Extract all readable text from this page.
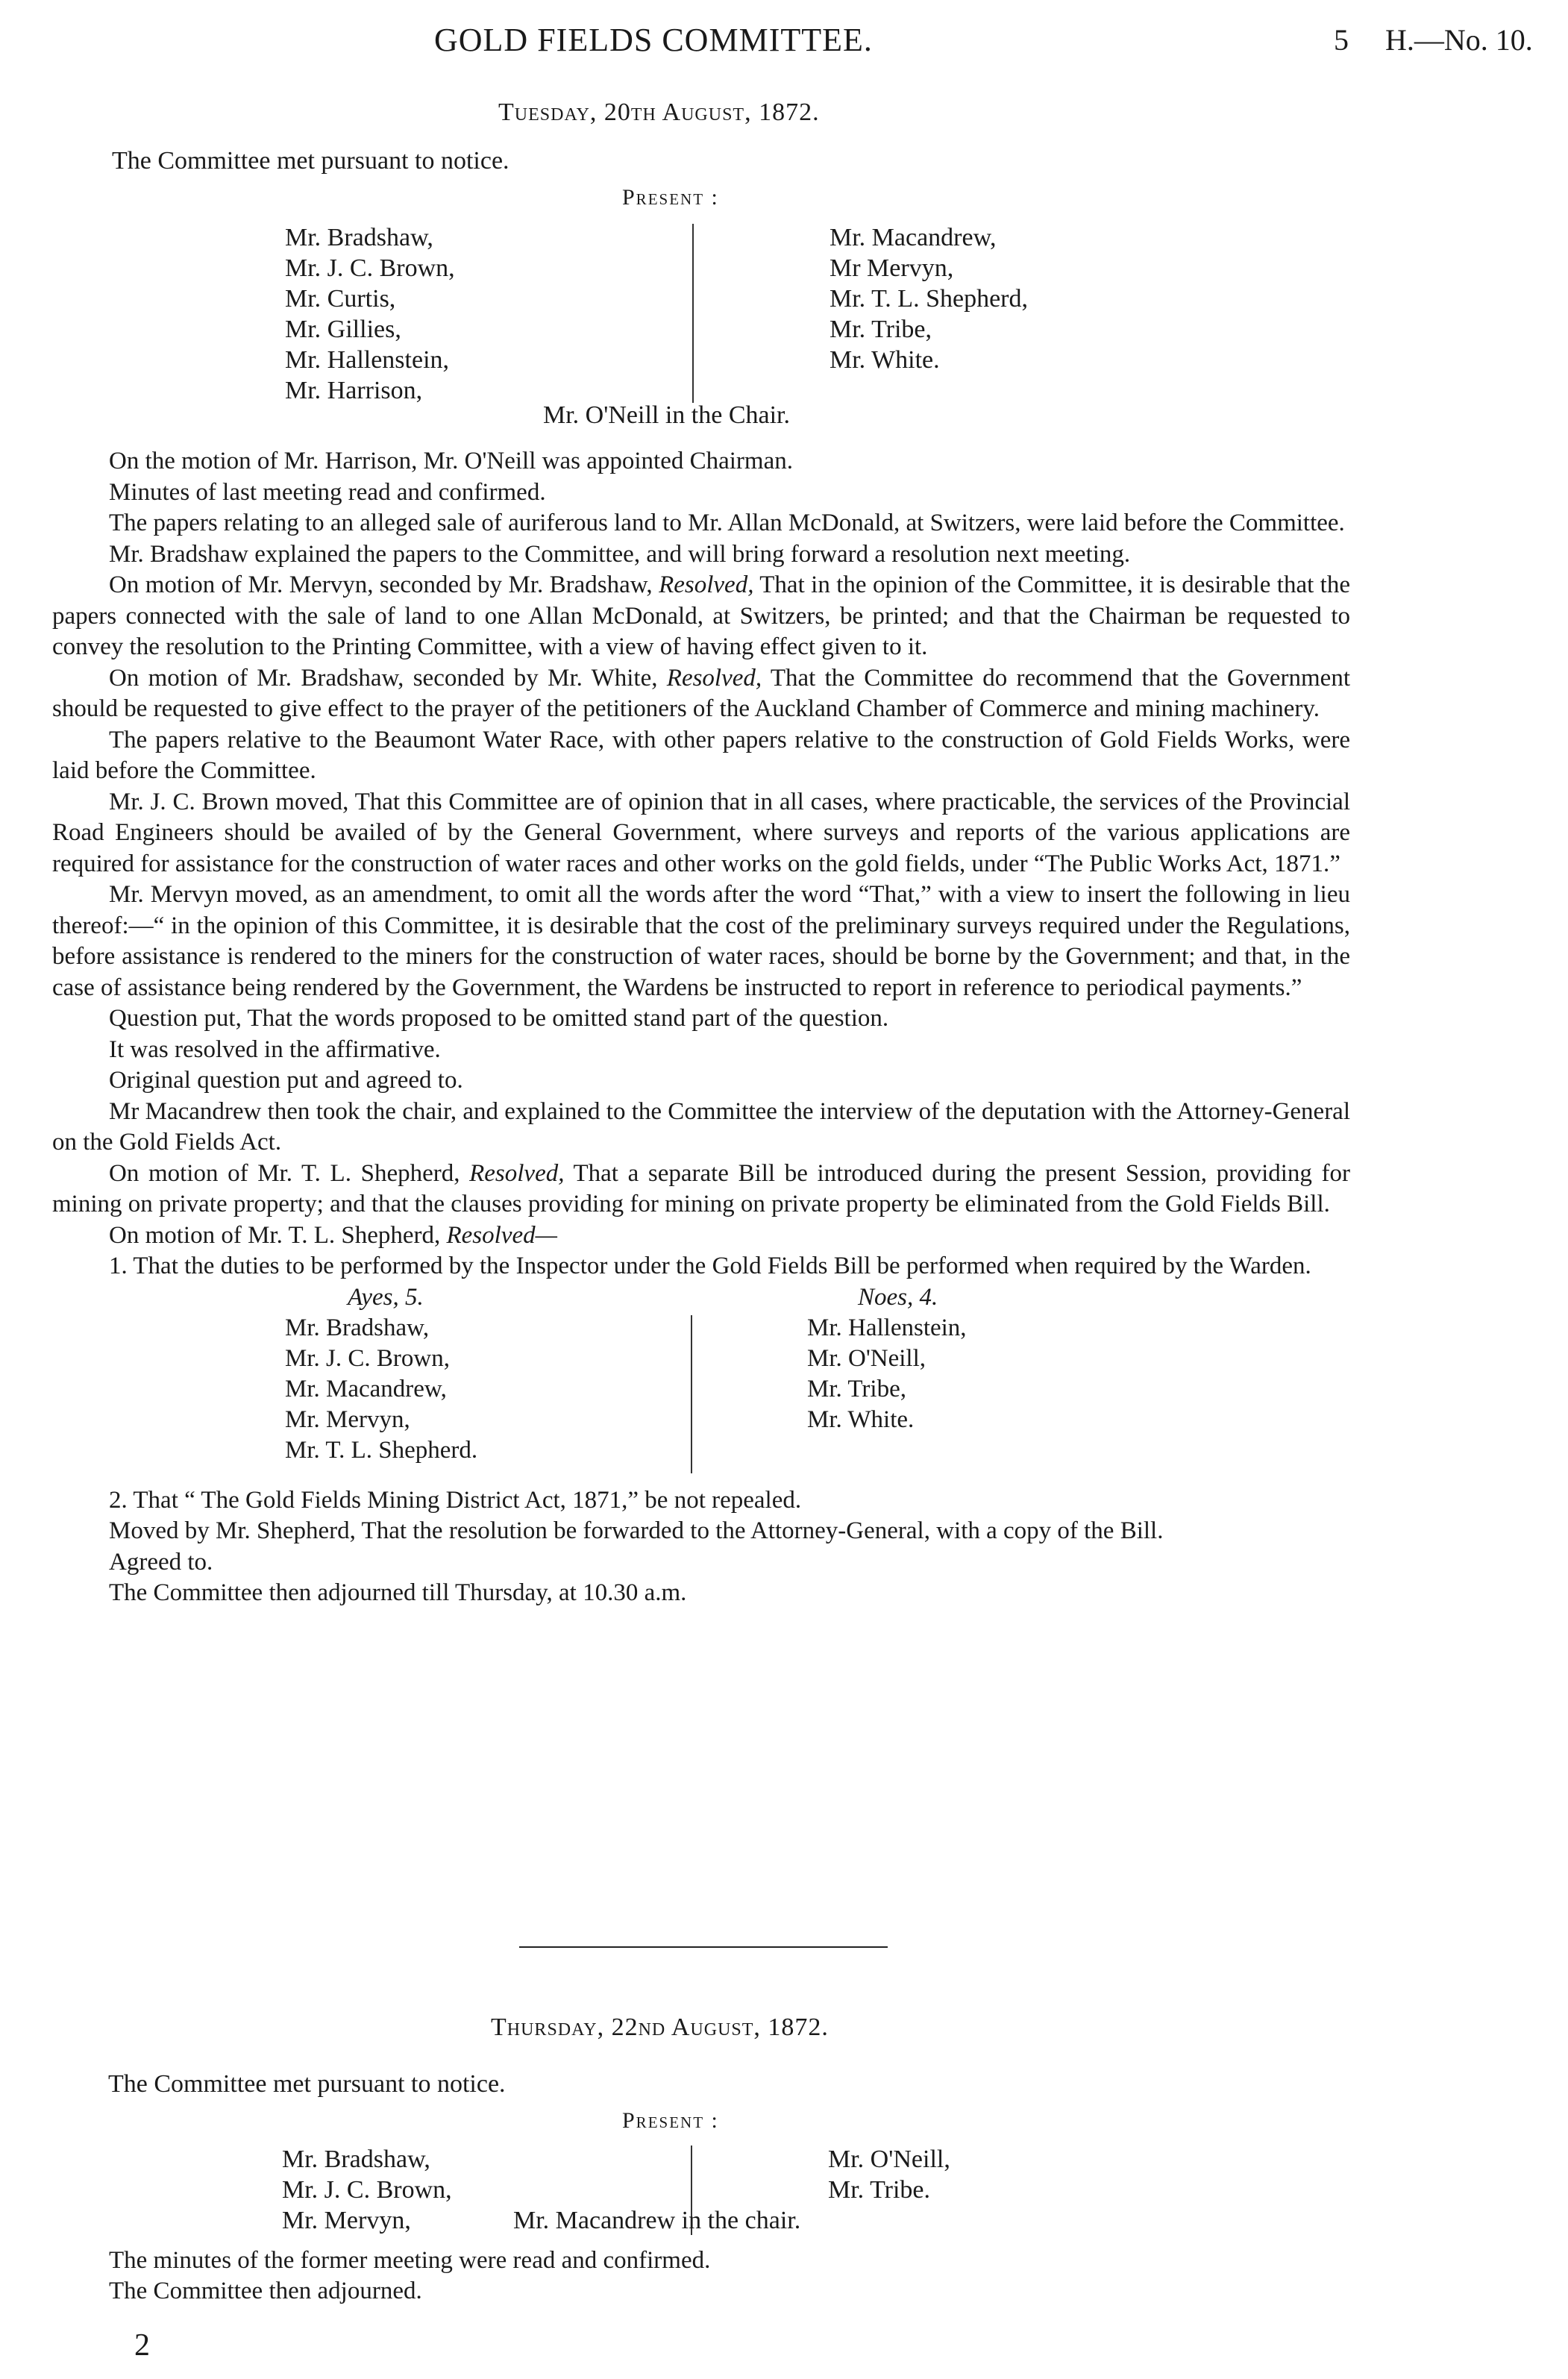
GOLD FIELDS COMMITTEE.	5 H.—No. 10.
Tuesday, 20th August, 1872.
The Committee met pursuant to notice.
Present :
Mr. Bradshaw,
Mr. J. C. Brown,
Mr. Curtis,
Mr. Gillies,
Mr. Hallenstein,
Mr. Harrison,
Mr. Macandrew,
Mr Mervyn,
Mr. T. L. Shepherd,
Mr. Tribe,
Mr. White.
Mr. O'Neill in the Chair.

On the motion of Mr. Harrison, Mr. O'Neill was appointed Chairman.

Minutes of last meeting read and confirmed.

The papers relating to an alleged sale of auriferous land to Mr. Allan McDonald, at Switzers, were laid before the Committee.

Mr. Bradshaw explained the papers to the Committee, and will bring forward a resolution next meeting.

On motion of Mr. Mervyn, seconded by Mr. Bradshaw, Resolved, That in the opinion of the Committee, it is desirable that the papers connected with the sale of land to one Allan McDonald, at Switzers, be printed; and that the Chairman be requested to convey the resolution to the Printing Committee, with a view of having effect given to it.

On motion of Mr. Bradshaw, seconded by Mr. White, Resolved, That the Committee do recommend that the Government should be requested to give effect to the prayer of the petitioners of the Auckland Chamber of Commerce and mining machinery.

The papers relative to the Beaumont Water Race, with other papers relative to the construction of Gold Fields Works, were laid before the Committee.

Mr. J. C. Brown moved, That this Committee are of opinion that in all cases, where practicable, the services of the Provincial Road Engineers should be availed of by the General Government, where surveys and reports of the various applications are required for assistance for the construction of water races and other works on the gold fields, under “The Public Works Act, 1871.”

Mr. Mervyn moved, as an amendment, to omit all the words after the word “That,” with a view to insert the following in lieu thereof:—“ in the opinion of this Committee, it is desirable that the cost of the preliminary surveys required under the Regulations, before assistance is rendered to the miners for the construction of water races, should be borne by the Government; and that, in the case of assistance being rendered by the Government, the Wardens be instructed to report in reference to periodical payments.”

Question put, That the words proposed to be omitted stand part of the question.

It was resolved in the affirmative.

Original question put and agreed to.

Mr Macandrew then took the chair, and explained to the Committee the interview of the deputation with the Attorney-General on the Gold Fields Act.

On motion of Mr. T. L. Shepherd, Resolved, That a separate Bill be introduced during the present Session, providing for mining on private property; and that the clauses providing for mining on private property be eliminated from the Gold Fields Bill.

On motion of Mr. T. L. Shepherd, Resolved—

1. That the duties to be performed by the Inspector under the Gold Fields Bill be performed when required by the Warden.

Ayes, 5.
Mr. Bradshaw,
Mr. J. C. Brown,
Mr. Macandrew,
Mr. Mervyn,
Mr. T. L. Shepherd.
Noes, 4.
Mr. Hallenstein,
Mr. O'Neill,
Mr. Tribe,
Mr. White.

2. That “ The Gold Fields Mining District Act, 1871,” be not repealed.

Moved by Mr. Shepherd, That the resolution be forwarded to the Attorney-General, with a copy of the Bill.

Agreed to.

The Committee then adjourned till Thursday, at 10.30 a.m.

Thursday, 22nd August, 1872.
The Committee met pursuant to notice.
Present :
Mr. Bradshaw,
Mr. J. C. Brown,
Mr. Mervyn,
Mr. O'Neill,
Mr. Tribe.
Mr. Macandrew in the chair.

The minutes of the former meeting were read and confirmed.

The Committee then adjourned.

2
